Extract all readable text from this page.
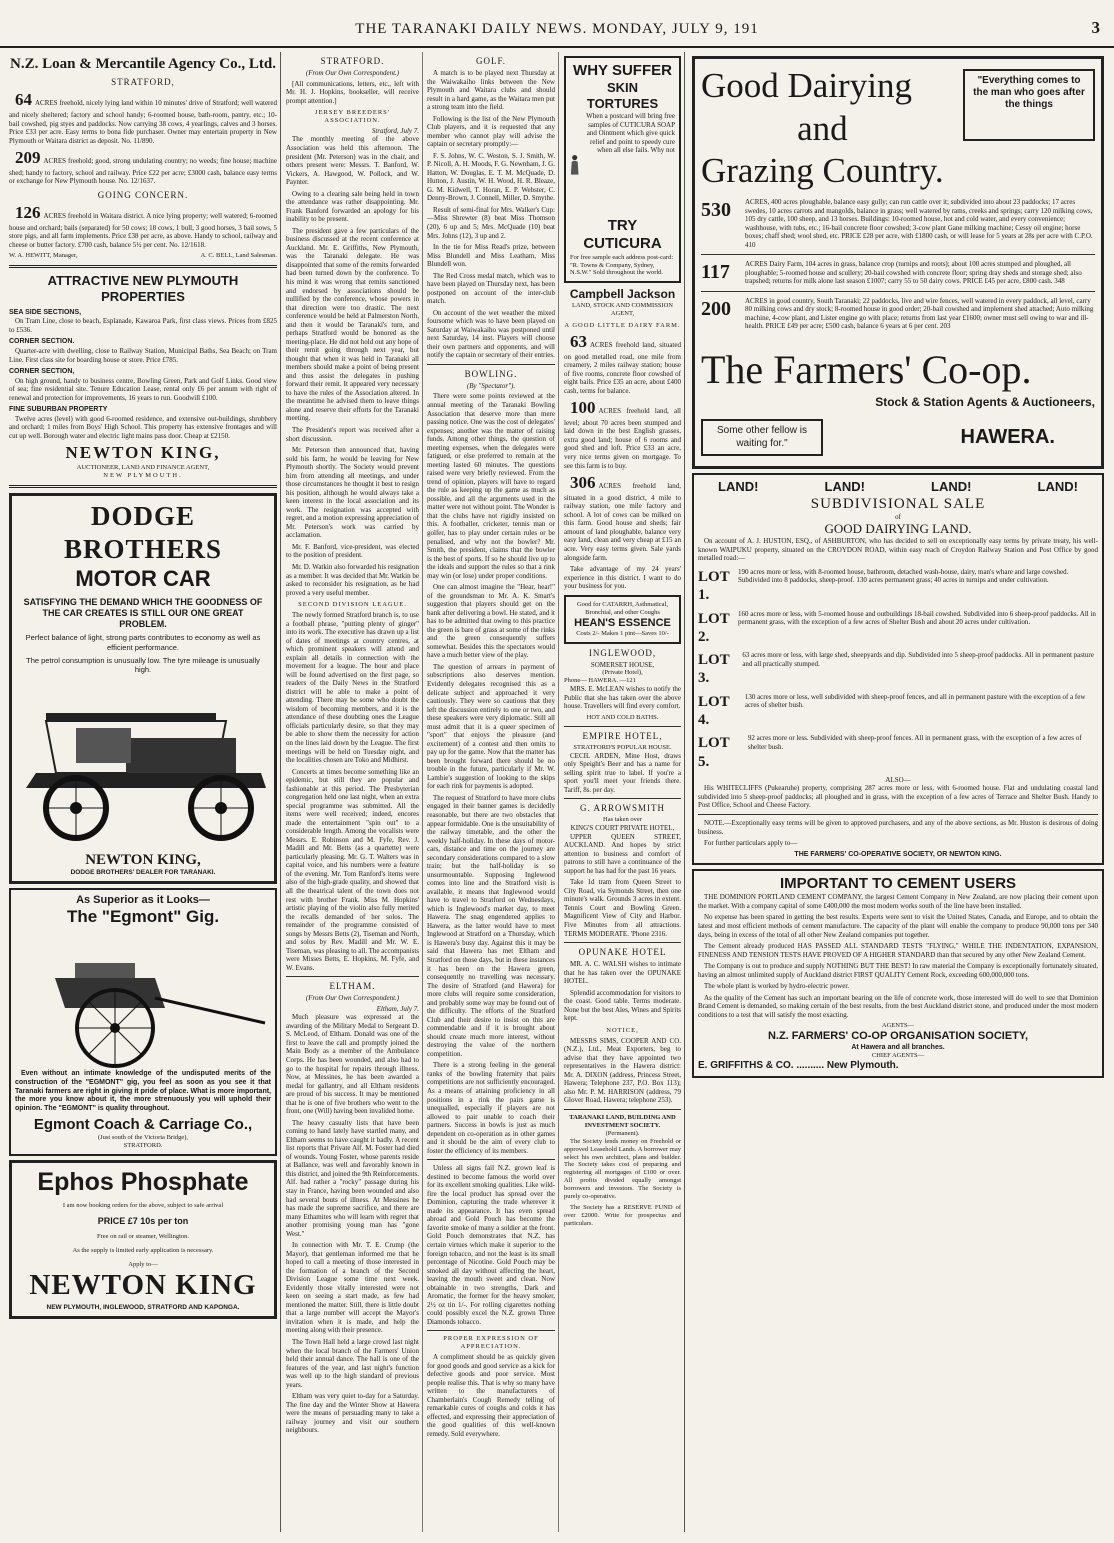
THE TARANAKI DAILY NEWS. MONDAY, JULY 9, 191	3
N.Z. Loan & Mercantile Agency Co., Ltd.
STRATFORD,

64 ACRES freehold, nicely lying land within 10 minutes' drive of Stratford; well watered and nicely sheltered; factory and school handy; 6-roomed house, bath-room, pantry, etc.; 10-bail cowshed, pig styes and paddocks. Now carrying 38 cows, 4 yearlings, calves and 3 horses. Price £33 per acre. Easy terms to bona fide purchaser. Owner may entertain property in New Plymouth or Waitara district as deposit. No. 11/890.

209 ACRES freehold; good, strong undulating country; no weeds; fine house; machine shed; handy to factory, school and railway. Price £22 per acre; £3000 cash, balance easy terms or exchange for New Plymouth house. No. 12/1637.

GOING CONCERN.

126 ACRES freehold in Waitara district. A nice lying property; well watered; 6-roomed house and orchard; bails (separated) for 50 cows; 18 cows, 1 bull, 3 good horses, 3 bail sows, 5 store pigs, and all farm implements. Price £38 per acre, as above. Handy to school, railway and cheese or butter factory. £700 cash, balance 5½ per cent. No. 12/1618.

W. A. HEWITT, Manager,	A. C. BELL, Land Salesman.
ATTRACTIVE NEW PLYMOUTH PROPERTIES
SEA SIDE SECTIONS,

On Tram Line, close to beach, Esplanade, Kawaroa Park, first class views. Prices from £825 to £536.

CORNER SECTION.

Quarter-acre with dwelling, close to Railway Station, Municipal Baths, Sea Beach; on Tram Line. First class site for boarding house or store. Price £785.

CORNER SECTION,

On high ground, handy to business centre, Bowling Green, Park and Golf Links. Good view of sea; fine residential site. Tenure Education Lease, rental only £6 per annum with right of renewal and protection for improvements, 16 years to run. Goodwill £100.

FINE SUBURBAN PROPERTY

Twelve acres (level) with good 6-roomed residence, and extensive out-buildings, shrubbery and orchard; 1 miles from Boys' High School. This property has extensive frontages and will cut up well. Borough water and electric light mains pass door. Cheap at £2150.

NEWTON KING,
AUCTIONEER, LAND AND FINANCE AGENT,
NEW PLYMOUTH.
DODGE BROTHERS
MOTOR CAR
SATISFYING THE DEMAND WHICH THE GOODNESS OF THE CAR CREATES IS STILL OUR ONE GREAT PROBLEM.
Perfect balance of light, strong parts contributes to economy as well as efficient performance.
The petrol consumption is unusually low. The tyre mileage is unusually high.
NEWTON KING,
DODGE BROTHERS' DEALER FOR TARANAKI.
As Superior as it Looks—
The "Egmont" Gig.

Even without an intimate knowledge of the undisputed merits of the construction of the "EGMONT" gig, you feel as soon as you see it that Taranaki farmers are right in giving it pride of place. What is more important, the more you know about it, the more strenuously you will uphold their opinion. The "EGMONT" is quality throughout.

Egmont Coach & Carriage Co.,
(Just south of the Victoria Bridge),
STRATFORD.
Ephos Phosphate
I am now booking orders for the above, subject to safe arrival
PRICE £7 10s per ton
Free on rail or steamer, Wellington.
As the supply is limited early application is necessary.
Apply to—
NEWTON KING
NEW PLYMOUTH, INGLEWOOD, STRATFORD AND KAPONGA.
STRATFORD.
(From Our Own Correspondent.)

[All communications, letters, etc., left with Mr. H. J. Hopkins, bookseller, will receive prompt attention.]

JERSEY BREEDERS' ASSOCIATION.
Stratford, July 7.

The monthly meeting of the above Association was held this afternoon. The president (Mr. Peterson) was in the chair, and others present were: Messrs. T. Banford, W. Vickers, A. Hawgood, W. Pollock, and W. Paynter.

Owing to a clearing sale being held in town the attendance was rather disappointing. Mr. Frank Banford forwarded an apology for his inability to be present.

The president gave a few particulars of the business discussed at the recent conference at Auckland. Mr. E. Griffiths, New Plymouth, was the Taranaki delegate. He was disappointed that some of the remits forwarded had been turned down by the conference. To his mind it was wrong that remits sanctioned and endorsed by associations should be nullified by the conference, whose powers in that direction were too drastic. The next conference would be held at Palmerston North, and then it would be Taranaki's turn, and perhaps Stratford would be honored as the meeting-place. He did not hold out any hope of their remit going through next year, but thought that when it was held in Taranaki all members should make a point of being present and thus assist the delegates in pushing forward their remit. It appeared very necessary to have the rules of the Association altered. In the meantime he advised them to leave things alone and reserve their efforts for the Taranaki meeting.

The President's report was received after a short discussion.

Mr. Peterson then announced that, having sold his farm, he would be leaving for New Plymouth shortly. The Society would prevent him from attending all meetings, and under those circumstances he thought it best to resign his position, although he would always take a keen interest in the local association and its work. The resignation was accepted with regret, and a motion expressing appreciation of Mr. Peterson's work was carried by acclamation.

Mr. F. Banford, vice-president, was elected to the position of president.

Mr. D. Watkin also forwarded his resignation as a member. It was decided that Mr. Watkin be asked to reconsider his resignation, as he had proved a very useful member.

SECOND DIVISION LEAGUE.

The newly formed Stratford branch is, to use a football phrase, "putting plenty of ginger" into its work. The executive has drawn up a list of dates of meetings at country centres, at which prominent speakers will attend and explain all details in connection with the movement for a league. The hour and place will be found advertised on the first page, so readers of the Daily News in the Stratford district will be able to make a point of attending. There may be some who doubt the wisdom of becoming members, and it is the attendance of these doubting ones the League officials particularly desire, so that they may be able to show them the necessity for action on the lines laid down by the League. The first meetings will be held on Tuesday night, and the localities chosen are Toko and Midhirst.

Concerts at times become something like an epidemic, but still they are popular and fashionable at this period. The Presbyterian congregation held one last night, when an extra special programme was submitted. All the items were well received; indeed, encores made the entertainment "spin out" to a considerable length. Among the vocalists were Messrs. E. Robinson and M. Fyfe, Rev. J. Madill and Mr. Betts (as a quartette) were particularly pleasing. Mr. G. T. Walters was in capital voice, and his numbers were a feature of the evening. Mr. Tom Ranford's items were also of the high-grade quality, and showed that all the theatrical talent of the town does not rest with brother Frank. Miss M. Hopkins' artistic playing of the violin also fully merited the recalls demanded of her solos. The remainder of the programme consisted of songs by Messrs Betts (2), Tiseman and North, and solos by Rev. Madill and Mr. W. E. Tiseman, was pleasing to all. The accompanists were Misses Betts, E. Hopkins, M. Fyfe, and W. Evans.

ELTHAM.
(From Our Own Correspondent.)
Eltham, July 7.

Much pleasure was expressed at the awarding of the Military Medal to Sergeant D. S. McLeod, of Eltham. Donald was one of the first to leave the call and promptly joined the Main Body as a member of the Ambulance Corps. He has been wounded, and also had to go to the hospital for repairs through illness. Now, at Messines, he has been awarded a medal for gallantry, and all Eltham residents are proud of his success. It may be mentioned that he is one of five brothers who went to the front, one (Will) having been invalided home.

The heavy casualty lists that have been coming to hand lately have startled many, and Eltham seems to have caught it badly. A recent list reports that Private Alf. M. Foster had died of wounds. Young Foster, whose parents reside at Ballance, was well and favorably known in this district, and joined the 9th Reinforcements. Alf. had rather a "rocky" passage during his stay in France, having been wounded and also had several bouts of illness. At Messines he has made the supreme sacrifice, and there are many Ethamites who will learn with regret that another promising young man has "gone West."

In connection with Mr. T. E. Crump (the Mayor), that gentleman informed me that he hoped to call a meeting of those interested in the formation of a branch of the Second Division League some time next week. Evidently those vitally interested were not keen on seeing a start made, as few had mentioned the matter. Still, there is little doubt that a large number will accept the Mayor's invitation when it is made, and help the meeting along with their presence.

The Town Hall held a large crowd last night when the local branch of the Farmers' Union held their annual dance. The hall is one of the features of the year, and last night's function was well up to the high standard of previous years.

Eltham was very quiet to-day for a Saturday. The fine day and the Winter Show at Hawera were the means of persuading many to take a railway journey and visit our southern neighbours.

GOLF.

A match is to be played next Thursday at the Waiwakaiho links between the New Plymouth and Waitara clubs and should result in a hard game, as the Waitara men put a strong team into the field.

Following is the list of the New Plymouth Club players, and it is requested that any member who cannot play will advise the captain or secretary promptly:—

F. S. Johns, W. C. Weston, S. J. Smith, W. P. Nicoll, A. H. Moods, F. G. Newnham, J. G. Hatton, W. Douglas, E. T. M. McQuade, D. Hutton, J. Austin, W. H. Wood, H. R. Bleaze, G. M. Kidwell, T. Horan, E. P. Webster, C. Denny-Brown, J. Connell, Miller, D. Smythe.

Result of semi-final for Mrs. Walker's Cup:—Miss Shrewter (8) beat Miss Thomson (20), 6 up and 5; Mrs. McQuade (10) beat Mrs. Johns (12), 3 up and 2.

In the tie for Miss Read's prize, between Miss Blundell and Miss Leatham, Miss Blundell won.

The Red Cross medal match, which was to have been played on Thursday next, has been postponed on account of the inter-club match.

On account of the wet weather the mixed foursome which was to have been played on Saturday at Waiwakaiho was postponed until next Saturday, 14 inst. Players will choose their own partners and opponents, and will notify the captain or secretary of their entries.

BOWLING.
(By "Spectator").

There were some points reviewed at the annual meeting of the Taranaki Bowling Association that deserve more than mere passing notice. One was the cost of delegates' expenses; another was the matter of raising funds. Among other things, the question of meeting expenses, when the delegates were fatigued, or else preferred to remain at the meeting lasted 60 minutes. The questions raised were very briefly reviewed. From the trend of opinion, players will have to regard the rule as keeping up the game as much as possible, and all the arguments used in the matter were not without point. The Wonder is that the clubs have not rigidly insisted on this. A footballer, cricketer, tennis man or golfer, has to play under certain rules or be penalised, and why not the bowler? Mr. Smith, the president, claims that the bowler is the best of sports. If so he should live up to the ideals and support the rules so that a rink may win (or lose) under proper conditions.

One can almost imagine the "Hear, hear!" of the groundsman to Mr. A. K. Smart's suggestion that players should get on the bank after delivering a bowl. He stated, and it has to be admitted that owing to this practice the green is bare of grass at some of the rinks and the green consequently suffers somewhat. Besides this the spectators would have a much better view of the play.

The question of arrears in payment of subscriptions also deserves mention. Evidently delegates recognised this as a delicate subject and approached it very cautiously. They were so cautious that they left the discussion entirely to one or two, and these speakers were very diplomatic. Still all must admit that it is a queer specimen of "sport" that enjoys the pleasure (and excitement) of a contest and then omits to pay up for the game. Now that the matter has been brought forward there should be no trouble in the future, particularly if Mr. W. Lambie's suggestion of looking to the skips for each rink for payments is adopted.

The request of Stratford to have more clubs engaged in their banner games is decidedly reasonable, but there are two obstacles that appear formidable. One is the unsuitability of the railway timetable, and the other the weekly half-holiday. In these days of motor-cars, distance and time on the journey are secondary considerations compared to a slow train; but the half-holiday is so unsurmountable. Supposing Inglewood comes into line and the Stratford visit is available, it means that Inglewood would have to travel to Stratford on Wednesdays, which is Inglewood's market day, to meet Hawera. The snag engendered applies to Hawera, as the latter would have to meet Inglewood at Stratford on a Thursday, which is Hawera's busy day. Against this it may be said that Hawera has met Eltham and Stratford on those days, but in these instances it has been on the Hawera green, consequently no travelling was necessary. The desire of Stratford (and Hawera) for more clubs will require some consideration, and probably some way may be found out of the difficulty. The efforts of the Stratford Club and their desire to insist on this are commendable and if it is brought about should create much more interest, without destroying the value of the northern competition.

There is a strong feeling in the general ranks of the bowling fraternity that pairs competitions are not sufficiently encouraged. As a means of attaining proficiency in all positions in a rink the pairs game is unequalled, especially if players are not allowed to pair unable to coach their partners. Success in bowls is just as much dependent on co-operation as in other games and it should be the aim of every club to foster the efficiency of its members.

Unless all signs fail N.Z. grown leaf is destined to become famous the world over for its excellent smoking qualities. Like wild-fire the local product has spread over the Dominion, capturing the trade wherever it made its appearance. It has even spread abroad and Gold Pouch has become the favorite smoke of many a soldier at the front. Gold Pouch demonstrates that N.Z. has certain virtues which make it superior to the foreign tobacco, and not the least is its small percentage of Nicotine. Gold Pouch may be smoked all day without affecting the heart, leaving the mouth sweet and clean. Now obtainable in two strengths, Dark and Aromatic, the former for the heavy smoker, 2½ oz tin 1/-. For rolling cigarettes nothing could possibly excel the N.Z. grown Three Diamonds tobacco.

PROPER EXPRESSION OF APPRECIATION.

A compliment should be as quickly given for good goods and good service as a kick for defective goods and poor service. Most people realise this. That is why so many have written to the manufacturers of Chamberlain's Cough Remedy telling of remarkable cures of coughs and colds it has effected, and expressing their appreciation of the good qualities of this well-known remedy. Sold everywhere.

WHY SUFFER
SKIN TORTURES
When a postcard will bring free samples of CUTICURA SOAP and Ointment which give quick relief and point to speedy cure when all else fails. Why not
TRY CUTICURA
For free sample each address post-card: "R. Towns & Company, Sydney, N.S.W." Sold throughout the world.
Campbell Jackson
LAND, STOCK AND COMMISSION AGENT,
A GOOD LITTLE DAIRY FARM.

63 ACRES freehold land, situated on good metalled road, one mile from creamery, 2 miles railway station; house of five rooms, concrete floor cowshed of eight bails. Price £35 an acre, about £400 cash, terms for balance.

100 ACRES freehold land, all level; about 70 acres been stumped and laid down in the best English grasses, extra good land; house of 6 rooms and good shed and loft. Price £33 an acre, very nice terms given on mortgage. To see this farm is to buy.

306 ACRES freehold land, situated in a good district, 4 mile to railway station, one mile factory and school. A lot of cows can be milked on this farm. Good house and sheds; fair amount of land ploughable, balance very easy land, clean and very cheap at £15 an acre. Very easy terms given. Sale yards alongside farm.

Take advantage of my 24 years' experience in this district. I want to do your business for you.

Good for CATARRH, Asthmatical, Bronchial, and other Coughs
HEAN'S ESSENCE
Costs 2/- Makes 1 pint—Saves 10/-
INGLEWOOD,
SOMERSET HOUSE,
(Private Hotel),
Phone— HAWERA. —121

MRS. E. McLEAN wishes to notify the Public that she has taken over the above house. Travellers will find every comfort.

HOT AND COLD BATHS.
EMPIRE HOTEL,
STRATFORD'S POPULAR HOUSE.

CECIL ARDEN, Mine Host, draws only Speight's Beer and has a name for selling spirit true to label. If you're a sport you'll meet your friends there. Tariff, 8s. per day.

G. ARROWSMITH
Has taken over
KING'S COURT PRIVATE HOTEL,

UPPER QUEEN STREET, AUCKLAND. And hopes by strict attention to business and comfort of patrons to still have a continuance of the support he has had for the past 16 years.

Take 1d tram from Queen Street to City Road, via Symonds Street, then one minute's walk. Grounds 3 acres in extent. Tennis Court and Bowling Green. Magnificent View of City and Harbor. Five Minutes from all attractions. TERMS MODERATE. 'Phone 2316.

OPUNAKE HOTEL

MR. A. C. WALSH wishes to intimate that he has taken over the OPUNAKE HOTEL.

Splendid accommodation for visitors to the coast. Good table. Terms moderate. None but the best Ales, Wines and Spirits kept.

NOTICE,

MESSRS SIMS, COOPER AND CO. (N.Z.), Ltd., Meat Exporters, beg to advise that they have appointed two representatives in the Hawera district: Mr. A. DIXON (address, Princess Street, Hawera; Telephone 237, P.O. Box 113); also Mr. P. M. HARRISON (address, 79 Glover Road, Hawera; telephone 253).

TARANAKI LAND, BUILDING AND INVESTMENT SOCIETY.
(Permanent).

The Society lends money on Freehold or approved Leasehold Lands. A borrower may select his own architect, plans and builder. The Society takes cost of preparing and registering all mortgages of £100 or over. All profits divided equally amongst borrowers and investors. The Society is purely co-operative.

The Society has a RESERVE FUND of over £2000. Write for prospectus and particulars.

Good Dairying
and
Grazing Country.
"Everything comes to the man who goes after the things
530	ACRES, 400 acres ploughable, balance easy gully; can run cattle over it; subdivided into about 23 paddocks; 17 acres swedes, 10 acres carrots and mangolds, balance in grass; well watered by rams, creeks and springs; carry 120 milking cows, 105 dry cattle, 100 sheep, and 13 horses. Buildings: 10-roomed house, hot and cold water, and every convenience; washhouse, with tubs, etc.; 16-bail concrete floor cowshed; 3-cow plant Gane milking machine; Cessy oil engine; horse boxes; chaff shed; wool shed, etc. PRICE £28 per acre, with £1800 cash, or will lease for 5 years at 28s per acre with C.P.O. 410
117	ACRES Dairy Farm, 104 acres in grass, balance crop (turnips and roots); about 100 acres stumped and ploughed, all ploughable; 5-roomed house and scullery; 20-bail cowshed with concrete floor; spring dray sheds and storage shed; also trapshed; returns for milk alone last season £1007; carry 55 to 50 dairy cows. PRICE £45 per acre, £800 cash. 348
200	ACRES in good country, South Taranaki; 22 paddocks, live and wire fences, well watered in every paddock, all level, carry 80 milking cows and dry stock; 8-roomed house in good order; 20-bail cowshed and implement shed attached; Auto milking machine, 4-cow plant, and Lister engine go with place; returns from last year £1600; owner must sell owing to war and ill-health. PRICE £49 per acre; £500 cash, balance 6 years at 6 per cent. 203
The Farmers' Co-op.
Stock & Station Agents & Auctioneers,
Some other fellow is waiting for."	HAWERA.
LAND!	LAND!	LAND!	LAND!
SUBDIVISIONAL SALE
of
GOOD DAIRYING LAND.

On account of A. J. HUSTON, ESQ., of ASHBURTON, who has decided to sell on exceptionally easy terms by private treaty, his well-known WAIPUKU property, situated on the CROYDON ROAD, within easy reach of Croydon Railway Station and Post Office by good metalled road:—

LOT 1.
190 acres more or less, with 8-roomed house, bathroom, detached wash-house, dairy, man's whare and large cowshed. Subdivided into 8 paddocks, sheep-proof. 130 acres permanent grass; 40 acres in turnips and under cultivation.
LOT 2.
160 acres more or less, with 5-roomed house and outbuildings 18-bail cowshed. Subdivided into 6 sheep-proof paddocks. All in permanent grass, with the exception of a few acres of Shelter Bush and about 20 acres under cultivation.
LOT 3.
63 acres more or less, with large shed, sheepyards and dip. Subdivided into 5 sheep-proof paddocks. All in permanent pasture and all practically stumped.
LOT 4.
130 acres more or less, well subdivided with sheep-proof fences, and all in permanent pasture with the exception of a few acres of shelter bush.
LOT 5.
92 acres more or less. Subdivided with sheep-proof fences. All in permanent grass, with the exception of a few acres of shelter bush.
ALSO—

His WHITECLIFFS (Pukearuhe) property, comprising 287 acres more or less, with 6-roomed house. Flat and undulating coastal land subdivided into 5 sheep-proof paddocks; all ploughed and in grass, with the exception of a few acres of Terrace and Shelter Bush. Handy to Post Office, School and Cheese Factory.

NOTE.—Exceptionally easy terms will be given to approved purchasers, and any of the above sections, as Mr. Huston is desirous of doing business.

For further particulars apply to—

THE FARMERS' CO-OPERATIVE SOCIETY, OR NEWTON KING.
IMPORTANT TO CEMENT USERS

THE DOMINION PORTLAND CEMENT COMPANY, the largest Cement Company in New Zealand, are now placing their cement upon the market. With a company capital of some £400,000 the most modern works south of the line have been installed.

No expense has been spared in getting the best results. Experts were sent to visit the United States, Canada, and Europe, and to obtain the latest and most efficient methods of cement manufacture. The capacity of the plant will enable the company to produce 90,000 tons per 340 days, being in excess of the total of all other New Zealand companies put together.

The Cement already produced HAS PASSED ALL STANDARD TESTS "FLYING," WHILE THE INDENTATION, EXPANSION, FINENESS AND TENSION TESTS HAVE PROVED OF A HIGHER STANDARD than that secured by any other New Zealand Cement.

The Company is out to produce and supply NOTHING BUT THE BEST! In raw material the Company is exceptionally fortunately situated, having an almost unlimited supply of Auckland district FIRST QUALITY Cement Rock, exceeding 600,000,000 tons.

The whole plant is worked by hydro-electric power.

As the quality of the Cement has such an important bearing on the life of concrete work, those interested will do well to see that Dominion Brand Cement is demanded, so making certain of the best results, from the best Auckland district stone, and produced under the most modern conditions to a test that will satisfy the most exacting.

AGENTS—
N.Z. FARMERS' CO-OP ORGANISATION SOCIETY,
At Hawera and all branches.
CHIEF AGENTS—
E. GRIFFITHS & CO. .......... New Plymouth.
